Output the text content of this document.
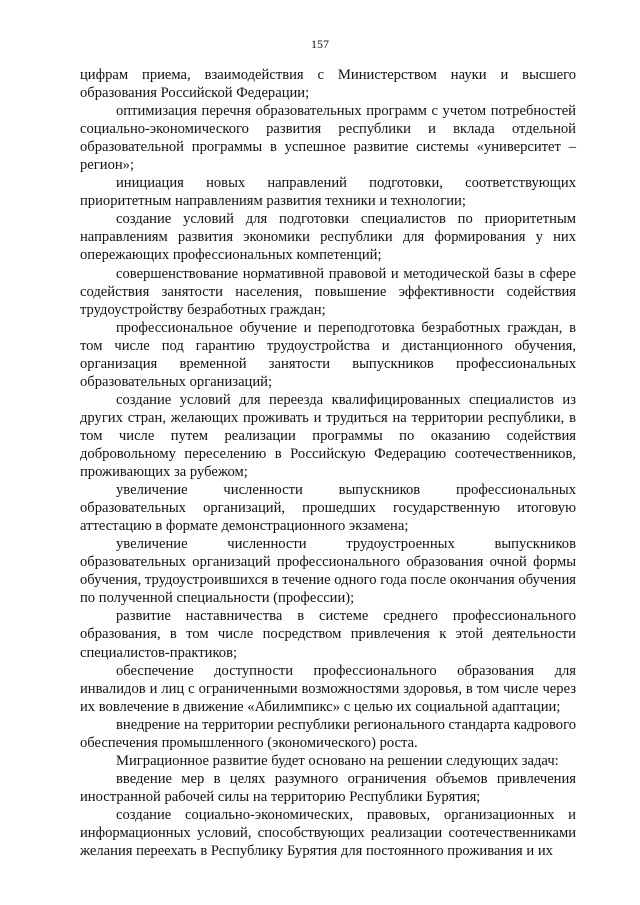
157

цифрам приема, взаимодействия с Министерством науки и высшего образования Российской Федерации;

оптимизация перечня образовательных программ с учетом потребностей социально-экономического развития республики и вклада отдельной образовательной программы в успешное развитие системы «университет – регион»;

инициация новых направлений подготовки, соответствующих приоритетным направлениям развития техники и технологии;

создание условий для подготовки специалистов по приоритетным направлениям развития экономики республики для формирования у них опережающих профессиональных компетенций;

совершенствование нормативной правовой и методической базы в сфере содействия занятости населения, повышение эффективности содействия трудоустройству безработных граждан;

профессиональное обучение и переподготовка безработных граждан, в том числе под гарантию трудоустройства и дистанционного обучения, организация временной занятости выпускников профессиональных образовательных организаций;

создание условий для переезда квалифицированных специалистов из других стран, желающих проживать и трудиться на территории республики, в том числе путем реализации программы по оказанию содействия добровольному переселению в Российскую Федерацию соотечественников, проживающих за рубежом;

увеличение численности выпускников профессиональных образовательных организаций, прошедших государственную итоговую аттестацию в формате демонстрационного экзамена;

увеличение численности трудоустроенных выпускников образовательных организаций профессионального образования очной формы обучения, трудоустроившихся в течение одного года после окончания обучения по полученной специальности (профессии);

развитие наставничества в системе среднего профессионального образования, в том числе посредством привлечения к этой деятельности специалистов-практиков;

обеспечение доступности профессионального образования для инвалидов и лиц с ограниченными возможностями здоровья, в том числе через их вовлечение в движение «Абилимпикс» с целью их социальной адаптации;

внедрение на территории республики регионального стандарта кадрового обеспечения промышленного (экономического) роста.

Миграционное развитие будет основано на решении следующих задач:

введение мер в целях разумного ограничения объемов привлечения иностранной рабочей силы на территорию Республики Бурятия;

создание социально-экономических, правовых, организационных и информационных условий, способствующих реализации соотечественниками желания переехать в Республику Бурятия для постоянного проживания и их
